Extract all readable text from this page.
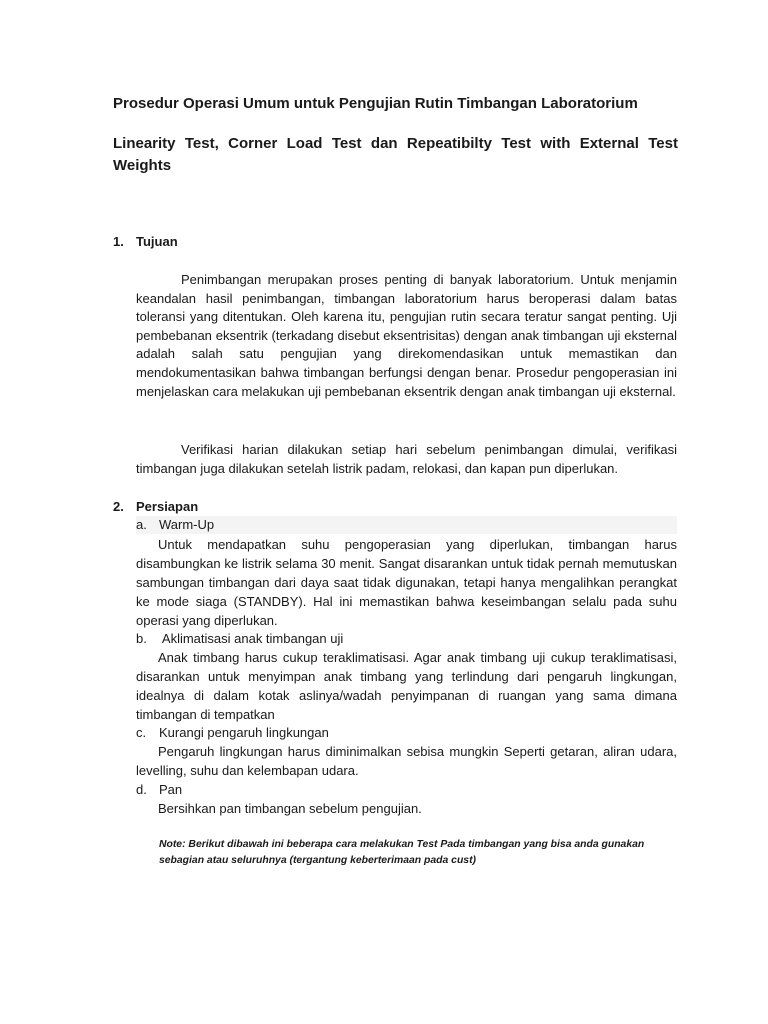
Prosedur Operasi Umum untuk Pengujian Rutin Timbangan Laboratorium
Linearity Test, Corner Load Test dan Repeatibilty Test with External Test Weights
1. Tujuan

Penimbangan merupakan proses penting di banyak laboratorium. Untuk menjamin keandalan hasil penimbangan, timbangan laboratorium harus beroperasi dalam batas toleransi yang ditentukan. Oleh karena itu, pengujian rutin secara teratur sangat penting. Uji pembebanan eksentrik (terkadang disebut eksentrisitas) dengan anak timbangan uji eksternal adalah salah satu pengujian yang direkomendasikan untuk memastikan dan mendokumentasikan bahwa timbangan berfungsi dengan benar. Prosedur pengoperasian ini menjelaskan cara melakukan uji pembebanan eksentrik dengan anak timbangan uji eksternal.

Verifikasi harian dilakukan setiap hari sebelum penimbangan dimulai, verifikasi timbangan juga dilakukan setelah listrik padam, relokasi, dan kapan pun diperlukan.

2. Persiapan
a. Warm-Up

Untuk mendapatkan suhu pengoperasian yang diperlukan, timbangan harus disambungkan ke listrik selama 30 menit. Sangat disarankan untuk tidak pernah memutuskan sambungan timbangan dari daya saat tidak digunakan, tetapi hanya mengalihkan perangkat ke mode siaga (STANDBY). Hal ini memastikan bahwa keseimbangan selalu pada suhu operasi yang diperlukan.

b. Aklimatisasi anak timbangan uji

Anak timbang harus cukup teraklimatisasi. Agar anak timbang uji cukup teraklimatisasi, disarankan untuk menyimpan anak timbang yang terlindung dari pengaruh lingkungan, idealnya di dalam kotak aslinya/wadah penyimpanan di ruangan yang sama dimana timbangan di tempatkan

c. Kurangi pengaruh lingkungan

Pengaruh lingkungan harus diminimalkan sebisa mungkin Seperti getaran, aliran udara, levelling, suhu dan kelembapan udara.

d. Pan

Bersihkan pan timbangan sebelum pengujian.

Note: Berikut dibawah ini beberapa cara melakukan Test Pada timbangan yang bisa anda gunakan sebagian atau seluruhnya (tergantung keberterimaan pada cust)
